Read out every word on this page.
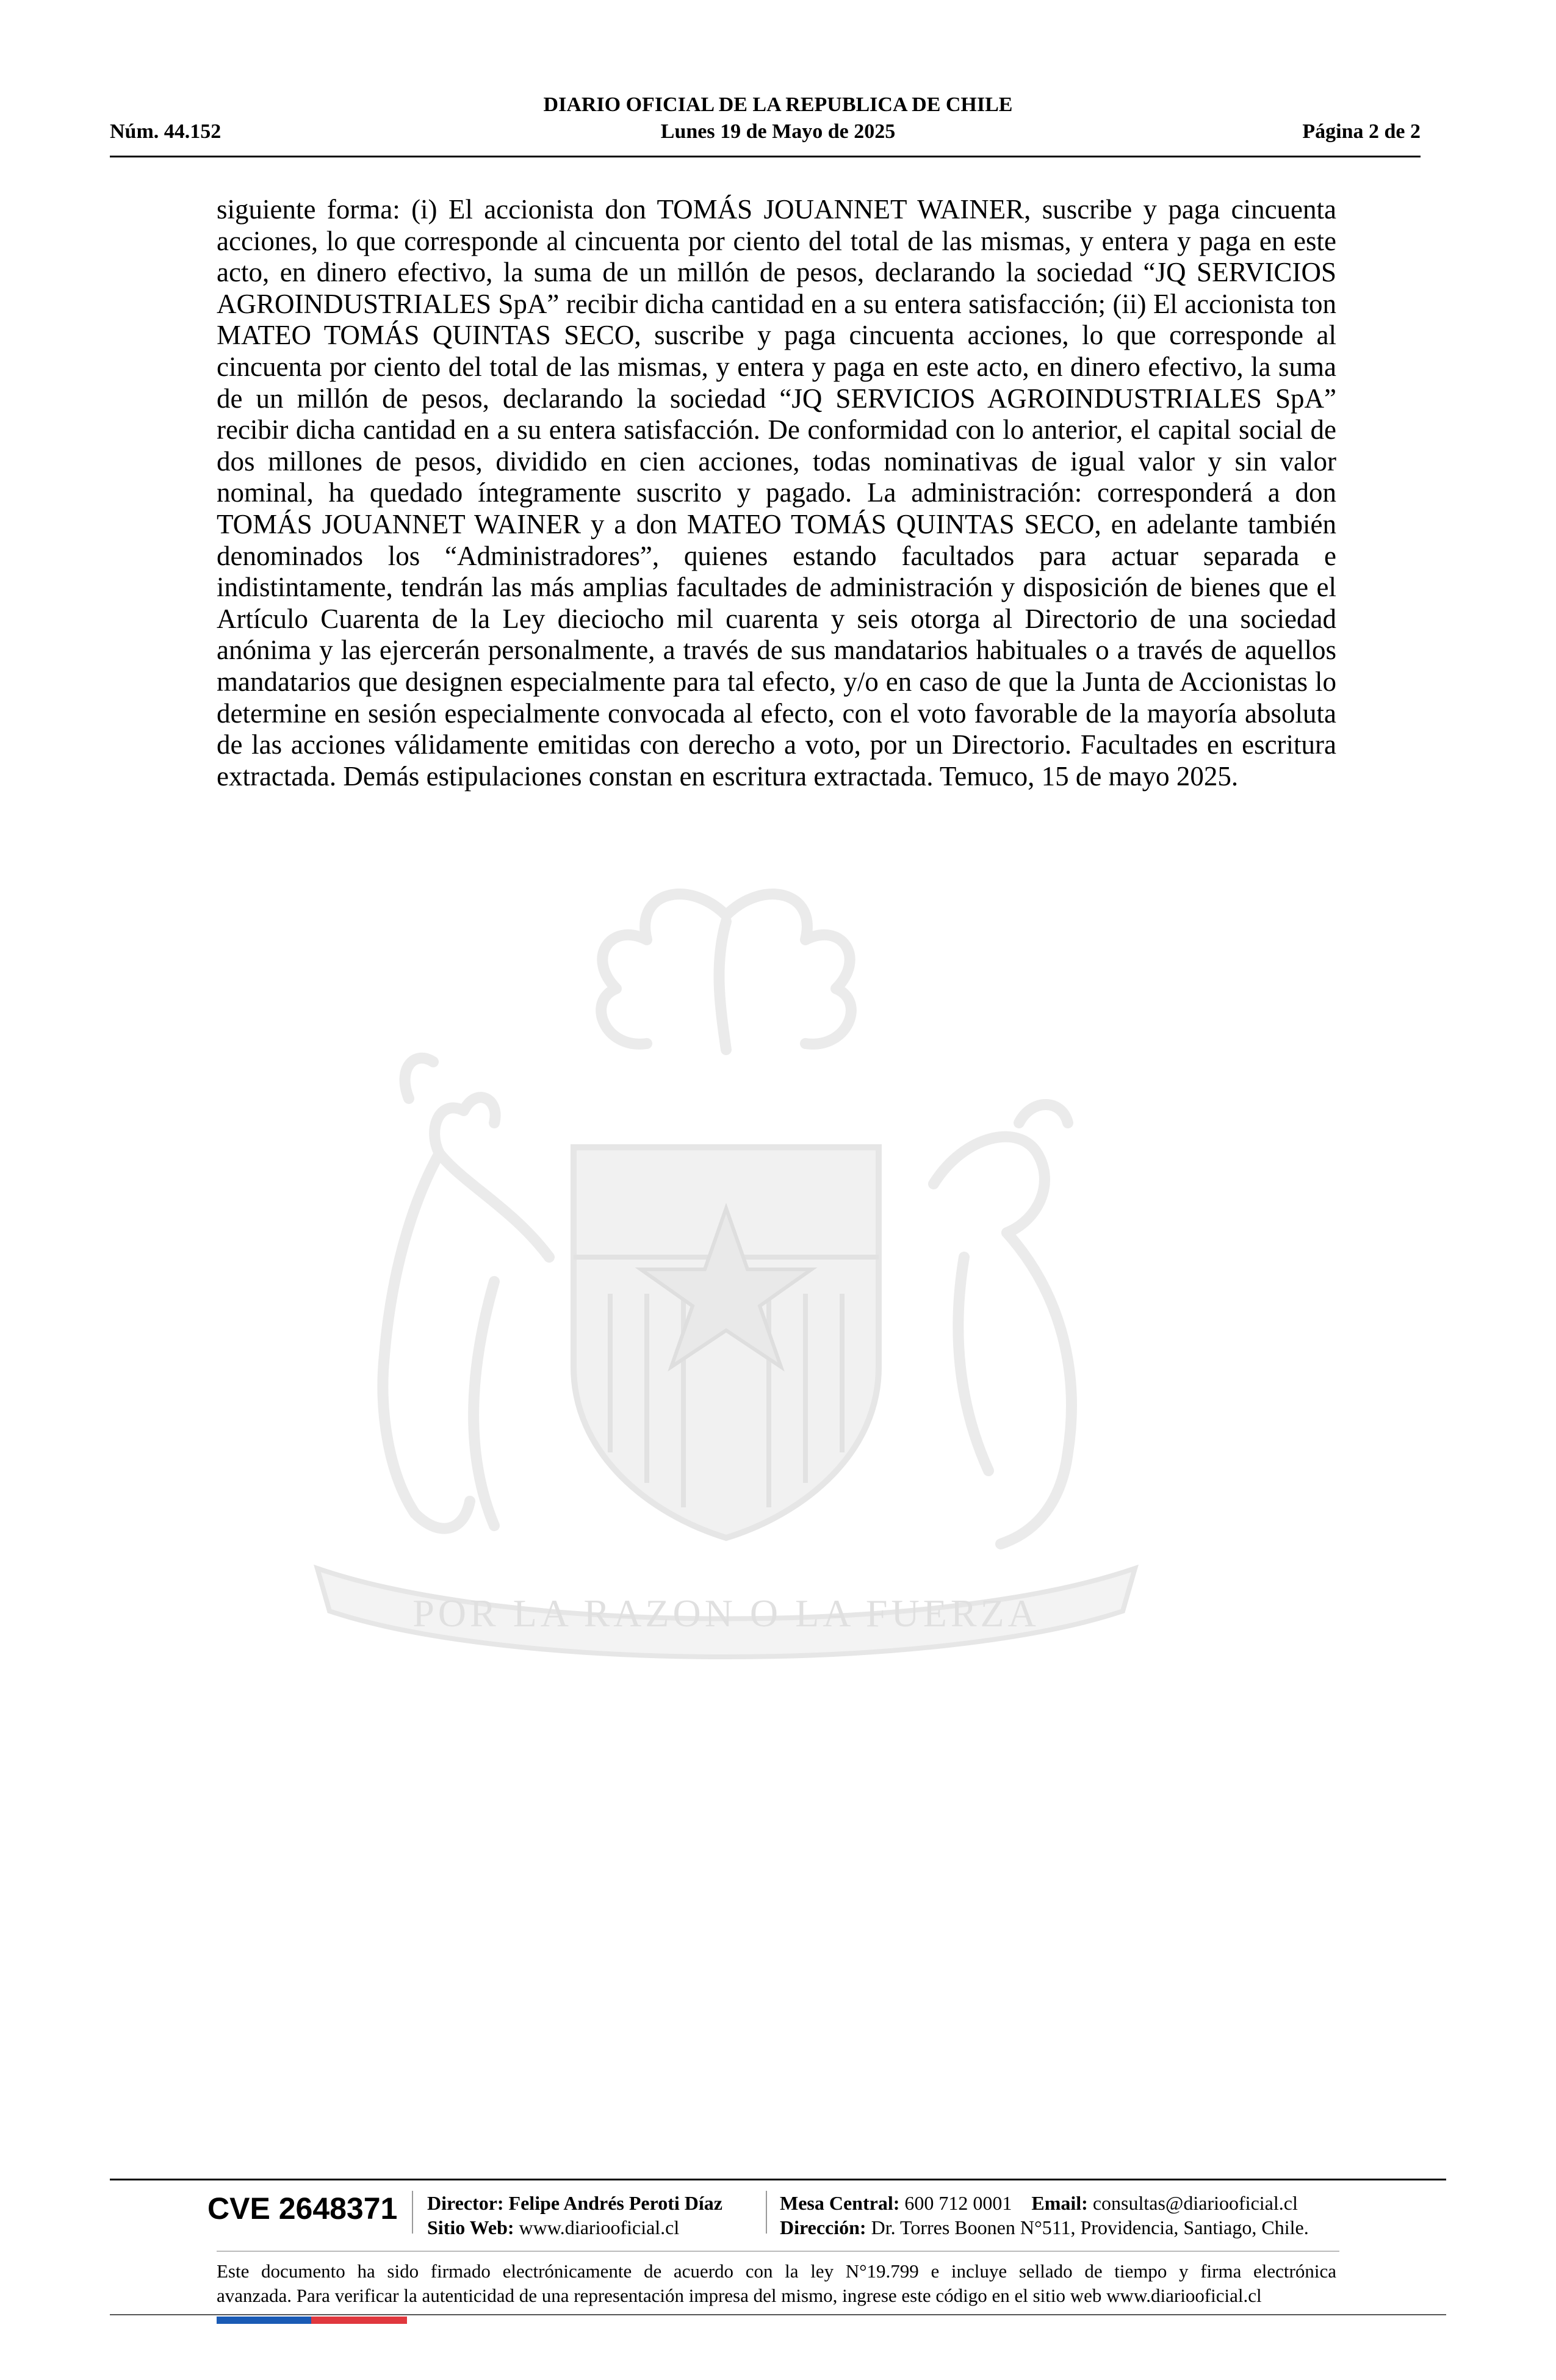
DIARIO OFICIAL DE LA REPUBLICA DE CHILE
Lunes 19 de Mayo de 2025
Núm. 44.152	Página 2 de 2
POR LA RAZON O LA FUERZA
siguiente forma: (i) El accionista don TOMÁS JOUANNET WAINER, suscribe y paga cincuenta acciones, lo que corresponde al cincuenta por ciento del total de las mismas, y entera y paga en este acto, en dinero efectivo, la suma de un millón de pesos, declarando la sociedad “JQ SERVICIOS AGROINDUSTRIALES SpA” recibir dicha cantidad en a su entera satisfacción; (ii) El accionista ton MATEO TOMÁS QUINTAS SECO, suscribe y paga cincuenta acciones, lo que corresponde al cincuenta por ciento del total de las mismas, y entera y paga en este acto, en dinero efectivo, la suma de un millón de pesos, declarando la sociedad “JQ SERVICIOS AGROINDUSTRIALES SpA” recibir dicha cantidad en a su entera satisfacción. De conformidad con lo anterior, el capital social de dos millones de pesos, dividido en cien acciones, todas nominativas de igual valor y sin valor nominal, ha quedado íntegramente suscrito y pagado. La administración: corresponderá a don TOMÁS JOUANNET WAINER y a don MATEO TOMÁS QUINTAS SECO, en adelante también denominados los “Administradores”, quienes estando facultados para actuar separada e indistintamente, tendrán las más amplias facultades de administración y disposición de bienes que el Artículo Cuarenta de la Ley dieciocho mil cuarenta y seis otorga al Directorio de una sociedad anónima y las ejercerán personalmente, a través de sus mandatarios habituales o a través de aquellos mandatarios que designen especialmente para tal efecto, y/o en caso de que la Junta de Accionistas lo determine en sesión especialmente convocada al efecto, con el voto favorable de la mayoría absoluta de las acciones válidamente emitidas con derecho a voto, por un Directorio. Facultades en escritura extractada. Demás estipulaciones constan en escritura extractada. Temuco, 15 de mayo 2025.
CVE 2648371	Director: Felipe Andrés Peroti Díaz
Sitio Web: www.diariooficial.cl
Mesa Central: 600 712 0001 Email: consultas@diariooficial.cl
Dirección: Dr. Torres Boonen N°511, Providencia, Santiago, Chile.
Este documento ha sido firmado electrónicamente de acuerdo con la ley N°19.799 e incluye sellado de tiempo y firma electrónica
avanzada. Para verificar la autenticidad de una representación impresa del mismo, ingrese este código en el sitio web www.diariooficial.cl
